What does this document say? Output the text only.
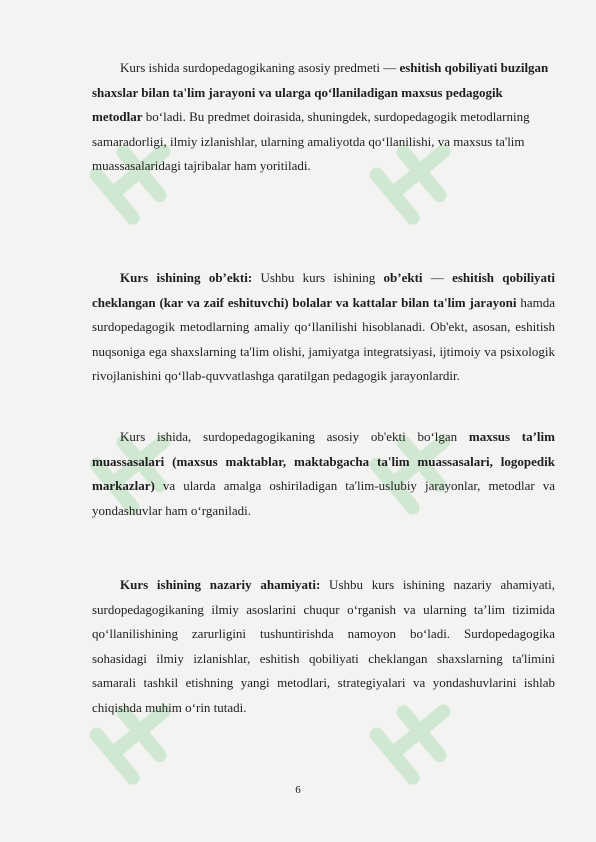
Kurs ishida surdopedagogikaning asosiy predmeti — eshitish qobiliyati buzilgan shaxslar bilan ta'lim jarayoni va ularga qo‘llaniladigan maxsus pedagogik metodlar bo‘ladi. Bu predmet doirasida, shuningdek, surdopedagogik metodlarning samaradorligi, ilmiy izlanishlar, ularning amaliyotda qo‘llanilishi, va maxsus ta'lim muassasalaridagi tajribalar ham yoritiladi.

Kurs ishining ob’ekti: Ushbu kurs ishining ob’ekti — eshitish qobiliyati cheklangan (kar va zaif eshituvchi) bolalar va kattalar bilan ta'lim jarayoni hamda surdopedagogik metodlarning amaliy qo‘llanilishi hisoblanadi. Ob'ekt, asosan, eshitish nuqsoniga ega shaxslarning ta'lim olishi, jamiyatga integratsiyasi, ijtimoiy va psixologik rivojlanishini qo‘llab-quvvatlashga qaratilgan pedagogik jarayonlardir.

Kurs ishida, surdopedagogikaning asosiy ob'ekti bo‘lgan maxsus ta’lim muassasalari (maxsus maktablar, maktabgacha ta'lim muassasalari, logopedik markazlar) va ularda amalga oshiriladigan ta'lim-uslubiy jarayonlar, metodlar va yondashuvlar ham o‘rganiladi.

Kurs ishining nazariy ahamiyati: Ushbu kurs ishining nazariy ahamiyati, surdopedagogikaning ilmiy asoslarini chuqur o‘rganish va ularning ta’lim tizimida qo‘llanilishining zarurligini tushuntirishda namoyon bo‘ladi. Surdopedagogika sohasidagi ilmiy izlanishlar, eshitish qobiliyati cheklangan shaxslarning ta'limini samarali tashkil etishning yangi metodlari, strategiyalari va yondashuvlarini ishlab chiqishda muhim o‘rin tutadi.

6
